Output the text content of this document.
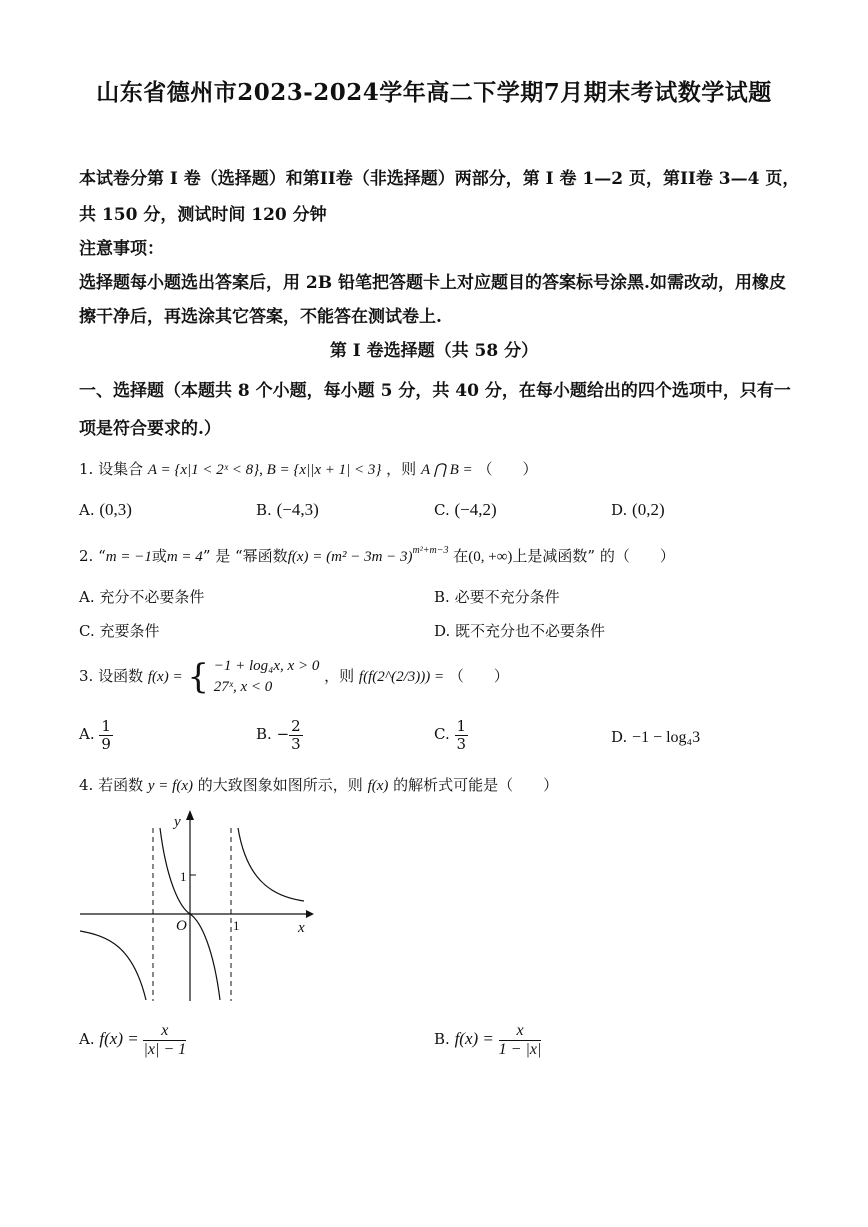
山东省德州市2023-2024学年高二下学期7月期末考试数学试题
本试卷分第 I 卷（选择题）和第II卷（非选择题）两部分，第 I 卷 1—2 页，第II卷 3—4 页，
共 150 分，测试时间 120 分钟
注意事项：
选择题每小题选出答案后，用 2B 铅笔把答题卡上对应题目的答案标号涂黑.如需改动，用橡皮
擦干净后，再选涂其它答案，不能答在测试卷上.
第 I 卷选择题（共 58 分）
一、选择题（本题共 8 个小题，每小题 5 分，共 40 分，在每小题给出的四个选项中，只有一
项是符合要求的.）
1. 设集合 A = {x|1 < 2ˣ < 8}, B = {x||x + 1| < 3} ，则 A ⋂ B = （　　）
A. (0,3)	B. (−4,3)	C. (−4,2)	D. (0,2)
2. “m = −1或m = 4” 是 “幂函数$f(x) = (m^2 - 3m - 3)^{m^2+m-3}$ 在(0, +∞)上是减函数” 的（　　）
A. 充分不必要条件	B. 必要不充分条件
C. 充要条件	D. 既不充分也不必要条件
3. 设函数 f(x) = { −1 + log₄x, x > 0
27ˣ, x < 0
，则 f(f(2^(2/3))) = （　　）
A. $\frac{1}{9}$	B. − $\frac{2}{3}$	C. $\frac{1}{3}$	D. −1 − log₄3
4. 若函数 y = f(x) 的大致图象如图所示，则 f(x) 的解析式可能是（　　）
y
x
O	1
1
A. $f(x) = \frac{x}{|x| - 1}$	B. $f(x) = \frac{x}{1 - |x|}$
